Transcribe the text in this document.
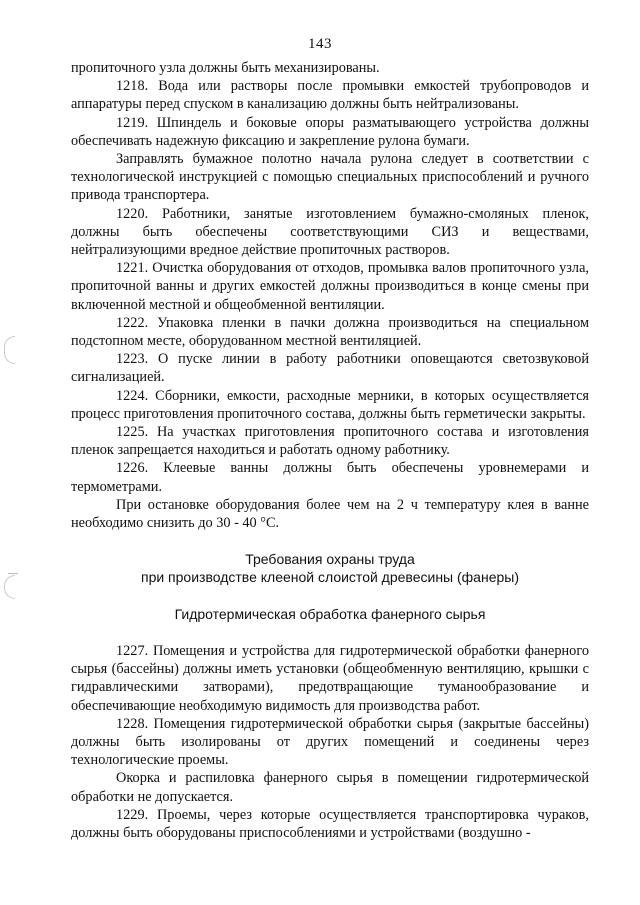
143

пропиточного узла должны быть механизированы.

1218. Вода или растворы после промывки емкостей трубопроводов и аппаратуры перед спуском в канализацию должны быть нейтрализованы.

1219. Шпиндель и боковые опоры разматывающего устройства должны обеспечивать надежную фиксацию и закрепление рулона бумаги.

Заправлять бумажное полотно начала рулона следует в соответствии с технологической инструкцией с помощью специальных приспособлений и ручного привода транспортера.

1220. Работники, занятые изготовлением бумажно-смоляных пленок, должны быть обеспечены соответствующими СИЗ и веществами, нейтрализующими вредное действие пропиточных растворов.

1221. Очистка оборудования от отходов, промывка валов пропиточного узла, пропиточной ванны и других емкостей должны производиться в конце смены при включенной местной и общеобменной вентиляции.

1222. Упаковка пленки в пачки должна производиться на специальном подстопном месте, оборудованном местной вентиляцией.

1223. О пуске линии в работу работники оповещаются светозвуковой сигнализацией.

1224. Сборники, емкости, расходные мерники, в которых осуществляется процесс приготовления пропиточного состава, должны быть герметически закрыты.

1225. На участках приготовления пропиточного состава и изготовления пленок запрещается находиться и работать одному работнику.

1226. Клеевые ванны должны быть обеспечены уровнемерами и термометрами.

При остановке оборудования более чем на 2 ч температуру клея в ванне необходимо снизить до 30 - 40 °С.

Требования охраны труда

при производстве клееной слоистой древесины (фанеры)

Гидротермическая обработка фанерного сырья

1227. Помещения и устройства для гидротермической обработки фанерного сырья (бассейны) должны иметь установки (общеобменную вентиляцию, крышки с гидравлическими затворами), предотвращающие туманообразование и обеспечивающие необходимую видимость для производства работ.

1228. Помещения гидротермической обработки сырья (закрытые бассейны) должны быть изолированы от других помещений и соединены через технологические проемы.

Окорка и распиловка фанерного сырья в помещении гидротермической обработки не допускается.

1229. Проемы, через которые осуществляется транспортировка чураков, должны быть оборудованы приспособлениями и устройствами (воздушно -
